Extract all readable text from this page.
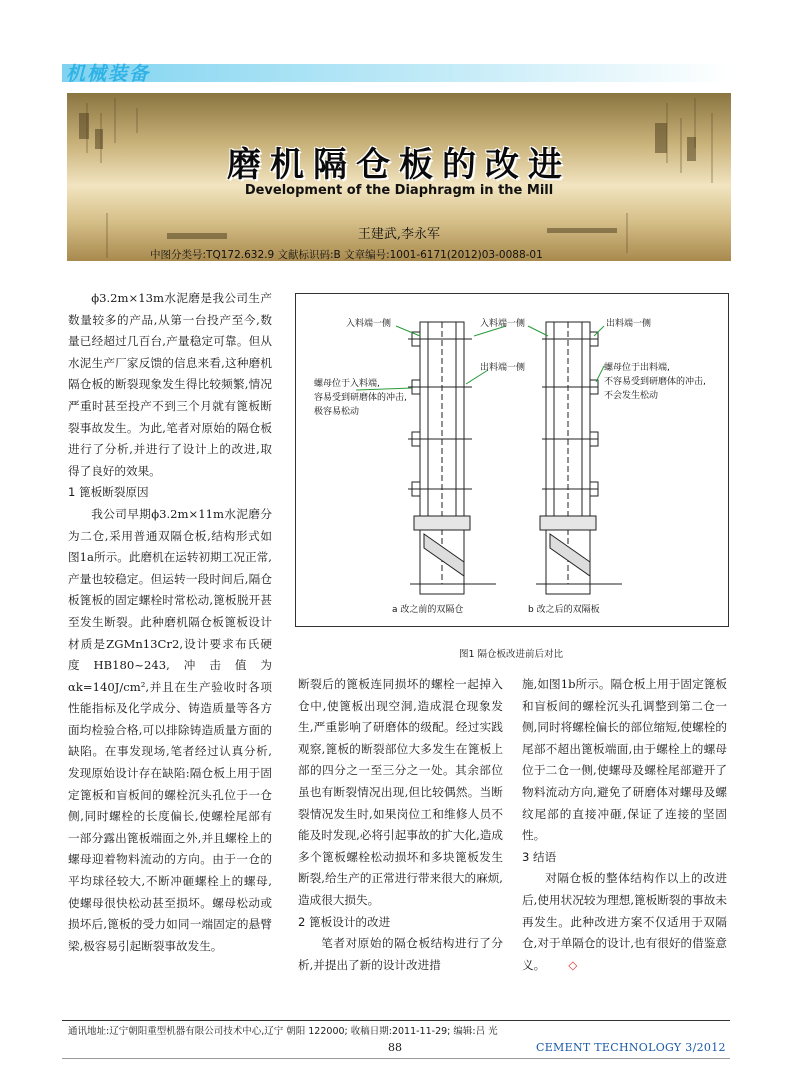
机械装备
磨机隔仓板的改进
Development of the Diaphragm in the Mill
王建武,李永军
中图分类号:TQ172.632.9 文献标识码:B 文章编号:1001-6171(2012)03-0088-01

ϕ3.2m×13m水泥磨是我公司生产数量较多的产品,从第一台投产至今,数量已经超过几百台,产量稳定可靠。但从水泥生产厂家反馈的信息来看,这种磨机隔仓板的断裂现象发生得比较频繁,情况严重时甚至投产不到三个月就有篦板断裂事故发生。为此,笔者对原始的隔仓板进行了分析,并进行了设计上的改进,取得了良好的效果。

1 篦板断裂原因

我公司早期ϕ3.2m×11m水泥磨分为二仓,采用普通双隔仓板,结构形式如图1a所示。此磨机在运转初期工况正常,产量也较稳定。但运转一段时间后,隔仓板篦板的固定螺栓时常松动,篦板脱开甚至发生断裂。此种磨机隔仓板篦板设计材质是ZGMn13Cr2,设计要求布氏硬度HB180~243,冲击值为αk=140J/cm²,并且在生产验收时各项性能指标及化学成分、铸造质量等各方面均检验合格,可以排除铸造质量方面的缺陷。在事发现场,笔者经过认真分析,发现原始设计存在缺陷:隔仓板上用于固定篦板和盲板间的螺栓沉头孔位于一仓侧,同时螺栓的长度偏长,使螺栓尾部有一部分露出篦板端面之外,并且螺栓上的螺母迎着物料流动的方向。由于一仓的平均球径较大,不断冲砸螺栓上的螺母,使螺母很快松动甚至损坏。螺母松动或损坏后,篦板的受力如同一端固定的悬臂梁,极容易引起断裂事故发生。

入料端一侧	入料端一侧	出料端一侧
出料端一侧
螺母位于入料端,
容易受到研磨体的冲击,
极容易松动
螺母位于出料端,
不容易受到研磨体的冲击,
不会发生松动
a 改之前的双隔仓	b 改之后的双隔板
图1 隔仓板改进前后对比

断裂后的篦板连同损坏的螺栓一起掉入仓中,使篦板出现空洞,造成混仓现象发生,严重影响了研磨体的级配。经过实践观察,篦板的断裂部位大多发生在篦板上部的四分之一至三分之一处。其余部位虽也有断裂情况出现,但比较偶然。当断裂情况发生时,如果岗位工和维修人员不能及时发现,必将引起事故的扩大化,造成多个篦板螺栓松动损坏和多块篦板发生断裂,给生产的正常进行带来很大的麻烦,造成很大损失。

2 篦板设计的改进

笔者对原始的隔仓板结构进行了分析,并提出了新的设计改进措

施,如图1b所示。隔仓板上用于固定篦板和盲板间的螺栓沉头孔调整到第二仓一侧,同时将螺栓偏长的部位缩短,使螺栓的尾部不超出篦板端面,由于螺栓上的螺母位于二仓一侧,使螺母及螺栓尾部避开了物料流动方向,避免了研磨体对螺母及螺纹尾部的直接冲砸,保证了连接的坚固性。

3 结语

对隔仓板的整体结构作以上的改进后,使用状况较为理想,篦板断裂的事故未再发生。此种改进方案不仅适用于双隔仓,对于单隔仓的设计,也有很好的借鉴意义。 ◇

通讯地址:辽宁朝阳重型机器有限公司技术中心,辽宁 朝阳 122000; 收稿日期:2011-11-29; 编辑:吕 光
88	CEMENT TECHNOLOGY 3/2012
